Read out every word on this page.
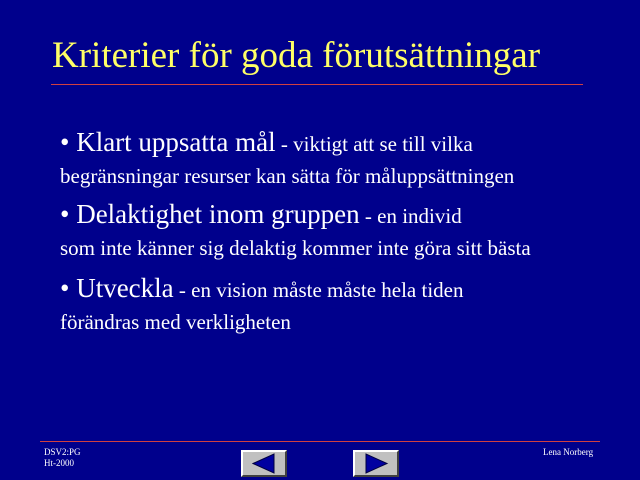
Kriterier för goda förutsättningar
• Klart uppsatta mål - viktigt att se till vilka
begränsningar resurser kan sätta för måluppsättningen
• Delaktighet inom gruppen - en individ
som inte känner sig delaktig kommer inte göra sitt bästa
• Utveckla - en vision måste måste hela tiden
förändras med verkligheten
DSV2:PG
Ht-2000
Lena Norberg
